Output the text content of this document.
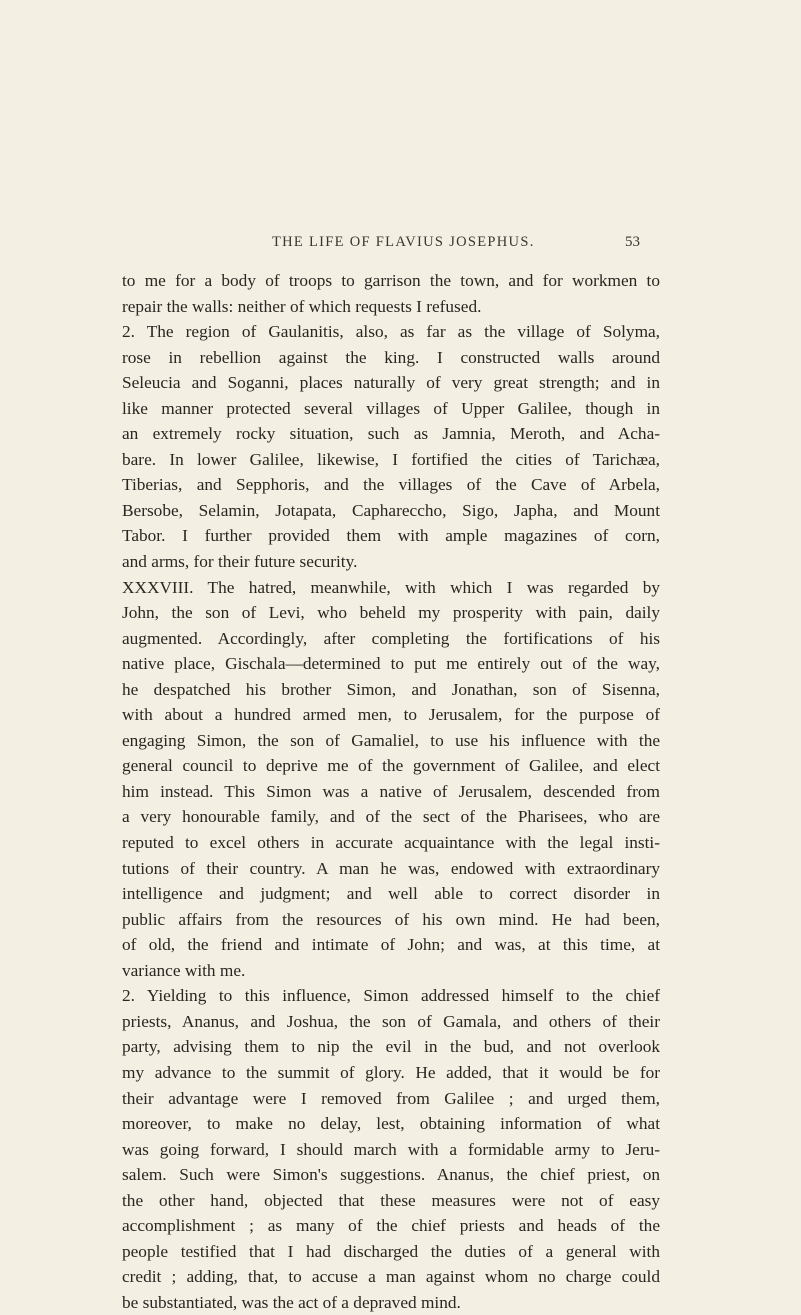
THE LIFE OF FLAVIUS JOSEPHUS.	53
to me for a body of troops to garrison the town, and for workmen to
repair the walls: neither of which requests I refused.
2. The region of Gaulanitis, also, as far as the village of Solyma,
rose in rebellion against the king. I constructed walls around
Seleucia and Soganni, places naturally of very great strength; and in
like manner protected several villages of Upper Galilee, though in
an extremely rocky situation, such as Jamnia, Meroth, and Acha-
bare. In lower Galilee, likewise, I fortified the cities of Tarichæa,
Tiberias, and Sepphoris, and the villages of the Cave of Arbela,
Bersobe, Selamin, Jotapata, Caphareccho, Sigo, Japha, and Mount
Tabor. I further provided them with ample magazines of corn,
and arms, for their future security.
XXXVIII. The hatred, meanwhile, with which I was regarded by
John, the son of Levi, who beheld my prosperity with pain, daily
augmented. Accordingly, after completing the fortifications of his
native place, Gischala—determined to put me entirely out of the way,
he despatched his brother Simon, and Jonathan, son of Sisenna,
with about a hundred armed men, to Jerusalem, for the purpose of
engaging Simon, the son of Gamaliel, to use his influence with the
general council to deprive me of the government of Galilee, and elect
him instead. This Simon was a native of Jerusalem, descended from
a very honourable family, and of the sect of the Pharisees, who are
reputed to excel others in accurate acquaintance with the legal insti-
tutions of their country. A man he was, endowed with extraordinary
intelligence and judgment; and well able to correct disorder in
public affairs from the resources of his own mind. He had been,
of old, the friend and intimate of John; and was, at this time, at
variance with me.
2. Yielding to this influence, Simon addressed himself to the chief
priests, Ananus, and Joshua, the son of Gamala, and others of their
party, advising them to nip the evil in the bud, and not overlook
my advance to the summit of glory. He added, that it would be for
their advantage were I removed from Galilee ; and urged them,
moreover, to make no delay, lest, obtaining information of what
was going forward, I should march with a formidable army to Jeru-
salem. Such were Simon's suggestions. Ananus, the chief priest, on
the other hand, objected that these measures were not of easy
accomplishment ; as many of the chief priests and heads of the
people testified that I had discharged the duties of a general with
credit ; adding, that, to accuse a man against whom no charge could
be substantiated, was the act of a depraved mind.
